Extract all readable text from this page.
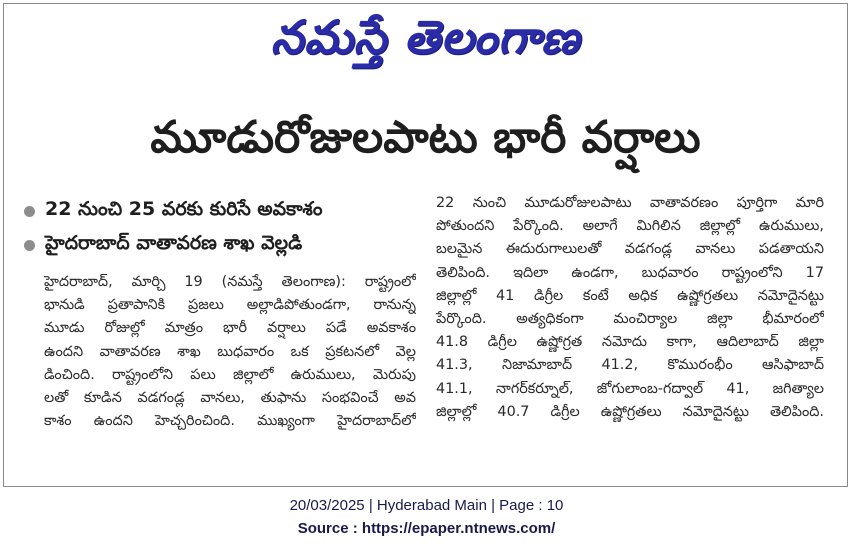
నమస్తే తెలంగాణ
మూడురోజులపాటు భారీ వర్షాలు
22 నుంచి 25 వరకు కురిసే అవకాశం
హైదరాబాద్ వాతావరణ శాఖ వెల్లడి
హైదరాబాద్, మార్చి 19 (నమస్తే తెలంగాణ): రాష్ట్రంలో
భానుడి ప్రతాపానికి ప్రజలు అల్లాడిపోతుండగా, రానున్న
మూడు రోజుల్లో మాత్రం భారీ వర్షాలు పడే అవకాశం
ఉందని వాతావరణ శాఖ బుధవారం ఒక ప్రకటనలో వెల్ల
డించింది. రాష్ట్రంలోని పలు జిల్లాలో ఉరుములు, మెరుపు
లతో కూడిన వడగండ్ల వానలు, తుఫాను సంభవించే అవ
కాశం ఉందని హెచ్చరించింది. ముఖ్యంగా హైదరాబాద్‌లో
22 నుంచి మూడురోజులపాటు వాతావరణం పూర్తిగా మారి
పోతుందని పేర్కొంది. అలాగే మిగిలిన జిల్లాల్లో ఉరుములు,
బలమైన ఈదురుగాలులతో వడగండ్ల వానలు పడతాయని
తెలిపింది. ఇదిలా ఉండగా, బుధవారం రాష్ట్రంలోని 17
జిల్లాల్లో 41 డిగ్రీల కంటే అధిక ఉష్ణోగ్రతలు నమోదైనట్టు
పేర్కొంది. అత్యధికంగా మంచిర్యాల జిల్లా భీమారంలో
41.8 డిగ్రీల ఉష్ణోగ్రత నమోదు కాగా, ఆదిలాబాద్ జిల్లా
41.3, నిజామాబాద్ 41.2, కొమురంభీం ఆసిఫాబాద్
41.1, నాగర్‌కర్నూల్, జోగులాంబ-గద్వాల్ 41, జగిత్యాల
జిల్లాల్లో 40.7 డిగ్రీల ఉష్ణోగ్రతలు నమోదైనట్టు తెలిపింది.
20/03/2025 | Hyderabad Main | Page : 10
Source : https://epaper.ntnews.com/
